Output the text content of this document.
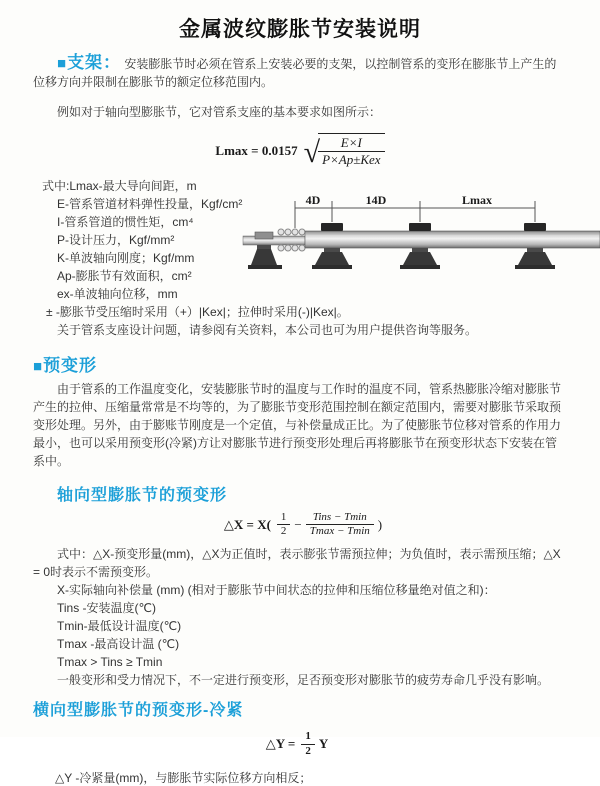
金属波纹膨胀节安装说明

■支架： 安装膨胀节时必须在管系上安装必要的支架，以控制管系的变形在膨胀节上产生的位移方向并限制在膨胀节的额定位移范围内。

例如对于轴向型膨胀节，它对管系支座的基本要求如图所示：

Lmax = 0.0157 √
$\frac{E\times I}{\text{P×Ap±Kex}}$
式中:Lmax-最大导向间距，m
E-管系管道材料弹性投量，Kgf/cm²
I-管系管道的惯性矩，cm⁴
P-设计压力，Kgf/mm²
K-单波轴向刚度；Kgf/mm
Ap-膨胀节有效面积，cm²
ex-单波轴向位移，mm
± -膨胀节受压缩时采用（+）|Kex|；拉伸时采用(-)|Kex|。
关于管系支座设计问题，请参阅有关资料，本公司也可为用户提供咨询等服务。
■预变形

由于管系的工作温度变化，安装膨胀节时的温度与工作时的温度不同，管系热膨胀冷缩对膨胀节产生的拉伸、压缩量常常是不均等的，为了膨胀节变形范围控制在额定范围内，需要对膨胀节采取预变形处理。另外，由于膨账节刚度是一个定值，与补偿量成正比。为了使膨胀节位移对管系的作用力最小，也可以采用预变形(冷紧)方让对膨胀节进行预变形处理后再将膨胀节在预变形状态下安装在管系中。

轴向型膨胀节的预变形
△X = $X( \frac{1}{2} - \frac{\text{Tins − Tmin}}{Tmax - Tmin}$ )
式中：△X-预变形量(mm)，△X为正值时，表示膨张节需预拉伸；为负值时，表示需预压缩；△X = 0时表示不需预变形。
X-实际轴向补偿量 (mm) (相对于膨胀节中间状态的拉伸和压缩位移量绝对值之和)：
Tins -安装温度(℃)
Tmin-最低设计温度(℃)
Tmax -最高设计温 (℃)
Tmax > Tins ≥ Tmin
一般变形和受力情况下，不一定进行预变形，足否预变形对膨胀节的疲劳寿命几乎没有影响。
横向型膨胀节的预变形-冷紧
△Y = $\frac{1}{2}$ Y
△Y -冷紧量(mm)，与膨胀节实际位移方向相反；
4D	14D	Lmax
